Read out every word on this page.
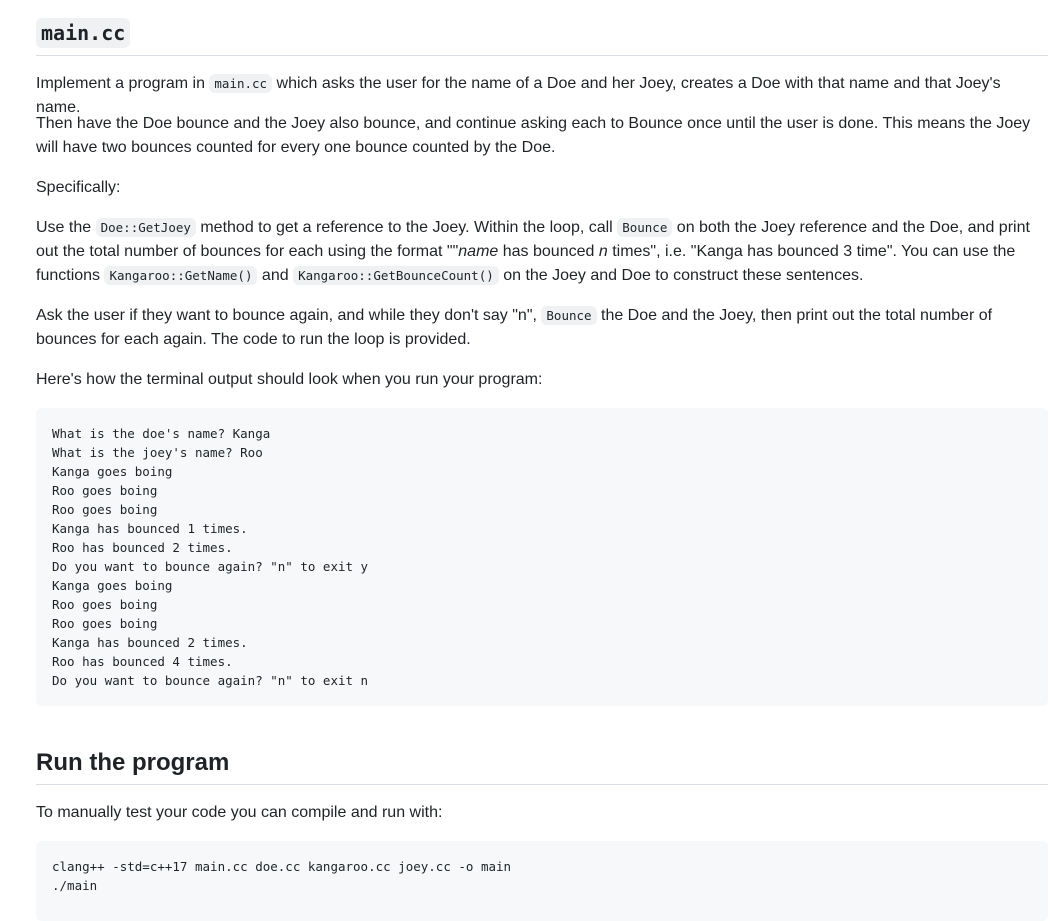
main.cc

Implement a program in main.cc which asks the user for the name of a Doe and her Joey, creates a Doe with that name and that Joey's name.

Then have the Doe bounce and the Joey also bounce, and continue asking each to Bounce once until the user is done. This means the Joey will have two bounces counted for every one bounce counted by the Doe.

Specifically:

Use the Doe::GetJoey method to get a reference to the Joey. Within the loop, call Bounce on both the Joey reference and the Doe, and print out the total number of bounces for each using the format ""name has bounced n times", i.e. "Kanga has bounced 3 time". You can use the functions Kangaroo::GetName() and Kangaroo::GetBounceCount() on the Joey and Doe to construct these sentences.

Ask the user if they want to bounce again, and while they don't say "n", Bounce the Doe and the Joey, then print out the total number of bounces for each again. The code to run the loop is provided.

Here's how the terminal output should look when you run your program:

What is the doe's name? Kanga
What is the joey's name? Roo
Kanga goes boing
Roo goes boing
Roo goes boing
Kanga has bounced 1 times.
Roo has bounced 2 times.
Do you want to bounce again? "n" to exit y
Kanga goes boing
Roo goes boing
Roo goes boing
Kanga has bounced 2 times.
Roo has bounced 4 times.
Do you want to bounce again? "n" to exit n
Run the program

To manually test your code you can compile and run with:

clang++ -std=c++17 main.cc doe.cc kangaroo.cc joey.cc -o main
./main
